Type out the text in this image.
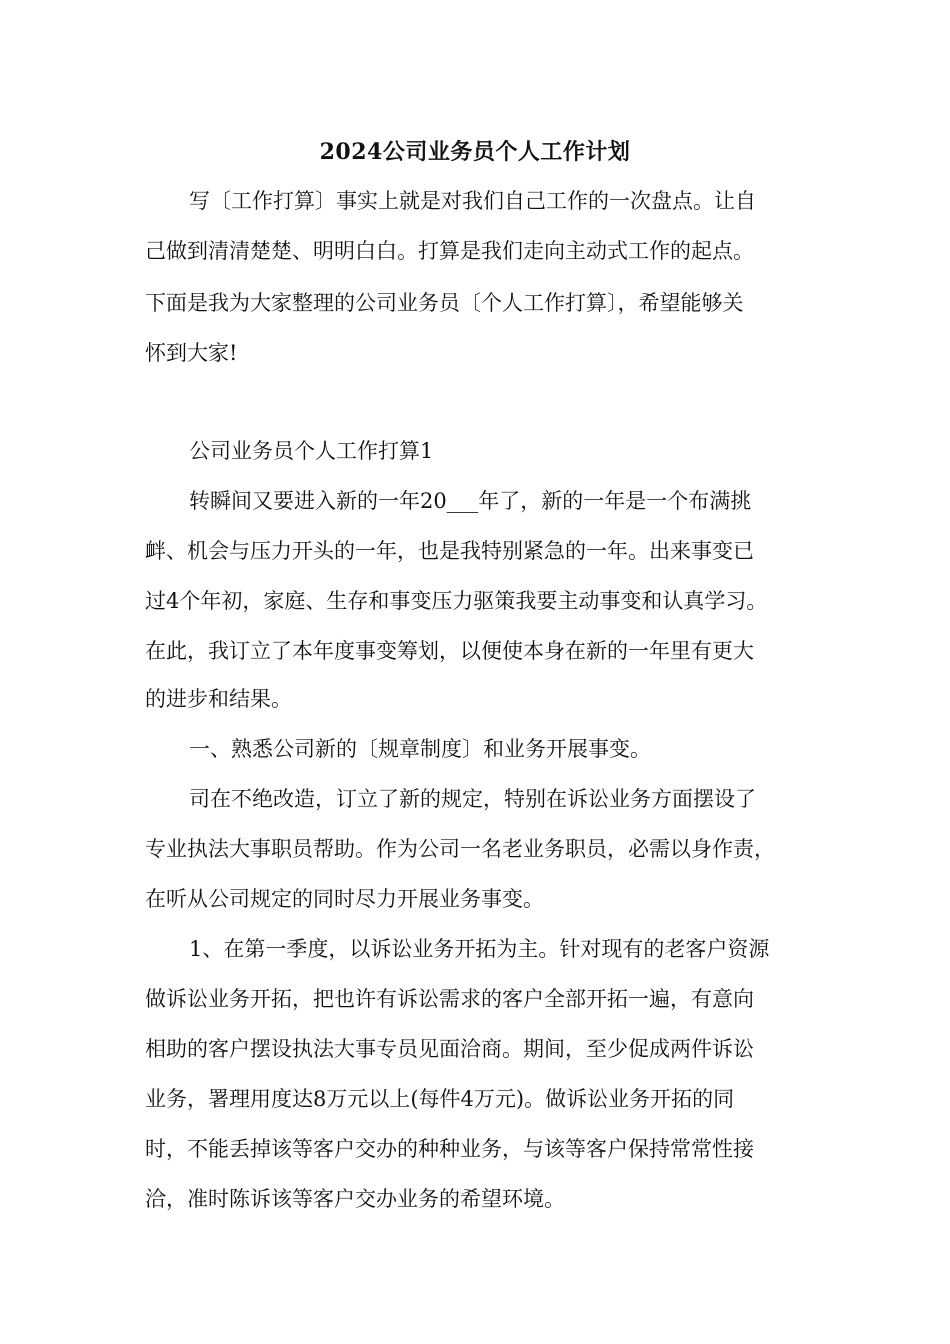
2024公司业务员个人工作计划
写〔工作打算〕事实上就是对我们自己工作的一次盘点。让自
己做到清清楚楚、明明白白。打算是我们走向主动式工作的起点。
下面是我为大家整理的公司业务员〔个人工作打算〕，希望能够关
怀到大家!
公司业务员个人工作打算1
转瞬间又要进入新的一年20___年了，新的一年是一个布满挑
衅、机会与压力开头的一年，也是我特别紧急的一年。出来事变已
过4个年初，家庭、生存和事变压力驱策我要主动事变和认真学习。
在此，我订立了本年度事变筹划，以便使本身在新的一年里有更大
的进步和结果。
一、熟悉公司新的〔规章制度〕和业务开展事变。
司在不绝改造，订立了新的规定，特别在诉讼业务方面摆设了
专业执法大事职员帮助。作为公司一名老业务职员，必需以身作责，
在听从公司规定的同时尽力开展业务事变。
1、在第一季度，以诉讼业务开拓为主。针对现有的老客户资源
做诉讼业务开拓，把也许有诉讼需求的客户全部开拓一遍，有意向
相助的客户摆设执法大事专员见面洽商。期间，至少促成两件诉讼
业务，署理用度达8万元以上(每件4万元)。做诉讼业务开拓的同
时，不能丢掉该等客户交办的种种业务，与该等客户保持常常性接
洽，准时陈诉该等客户交办业务的希望环境。
